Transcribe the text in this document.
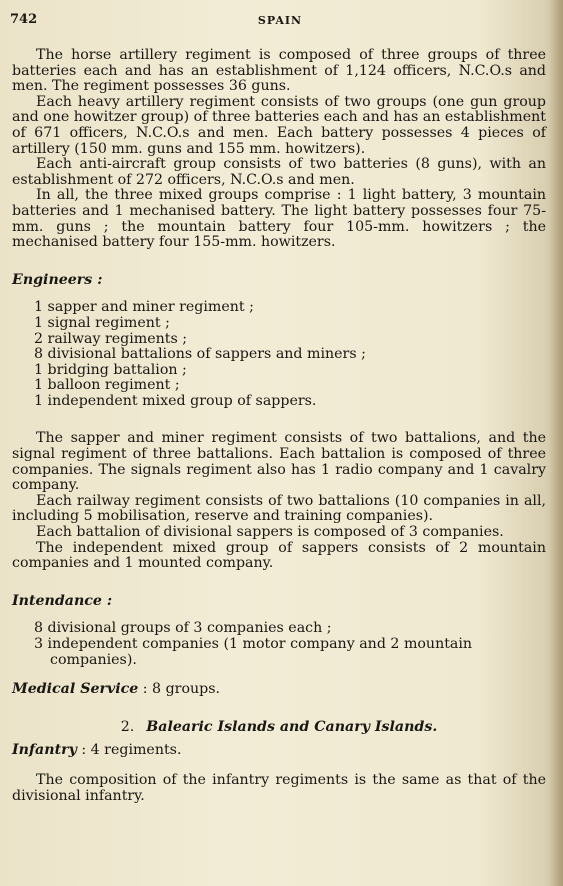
742	SPAIN

The horse artillery regiment is composed of three groups of three batteries each and has an establishment of 1,124 officers, N.C.O.s and men. The regiment possesses 36 guns.

Each heavy artillery regiment consists of two groups (one gun group and one howitzer group) of three batteries each and has an establishment of 671 officers, N.C.O.s and men. Each battery possesses 4 pieces of artillery (150 mm. guns and 155 mm. howitzers).

Each anti-aircraft group consists of two batteries (8 guns), with an establishment of 272 officers, N.C.O.s and men.

In all, the three mixed groups comprise : 1 light battery, 3 mountain batteries and 1 mechanised battery. The light battery possesses four 75-mm. guns ; the mountain battery four 105-mm. howitzers ; the mechanised battery four 155-mm. howitzers.

Engineers :
1 sapper and miner regiment ;
1 signal regiment ;
2 railway regiments ;
8 divisional battalions of sappers and miners ;
1 bridging battalion ;
1 balloon regiment ;
1 independent mixed group of sappers.

The sapper and miner regiment consists of two battalions, and the signal regiment of three battalions. Each battalion is composed of three companies. The signals regiment also has 1 radio company and 1 cavalry company.

Each railway regiment consists of two battalions (10 companies in all, including 5 mobilisation, reserve and training companies).

Each battalion of divisional sappers is composed of 3 companies.

The independent mixed group of sappers consists of 2 mountain companies and 1 mounted company.

Intendance :
8 divisional groups of 3 companies each ;
3 independent companies (1 motor company and 2 mountain companies).
Medical Service : 8 groups.
2. Balearic Islands and Canary Islands.
Infantry : 4 regiments.

The composition of the infantry regiments is the same as that of the divisional infantry.
